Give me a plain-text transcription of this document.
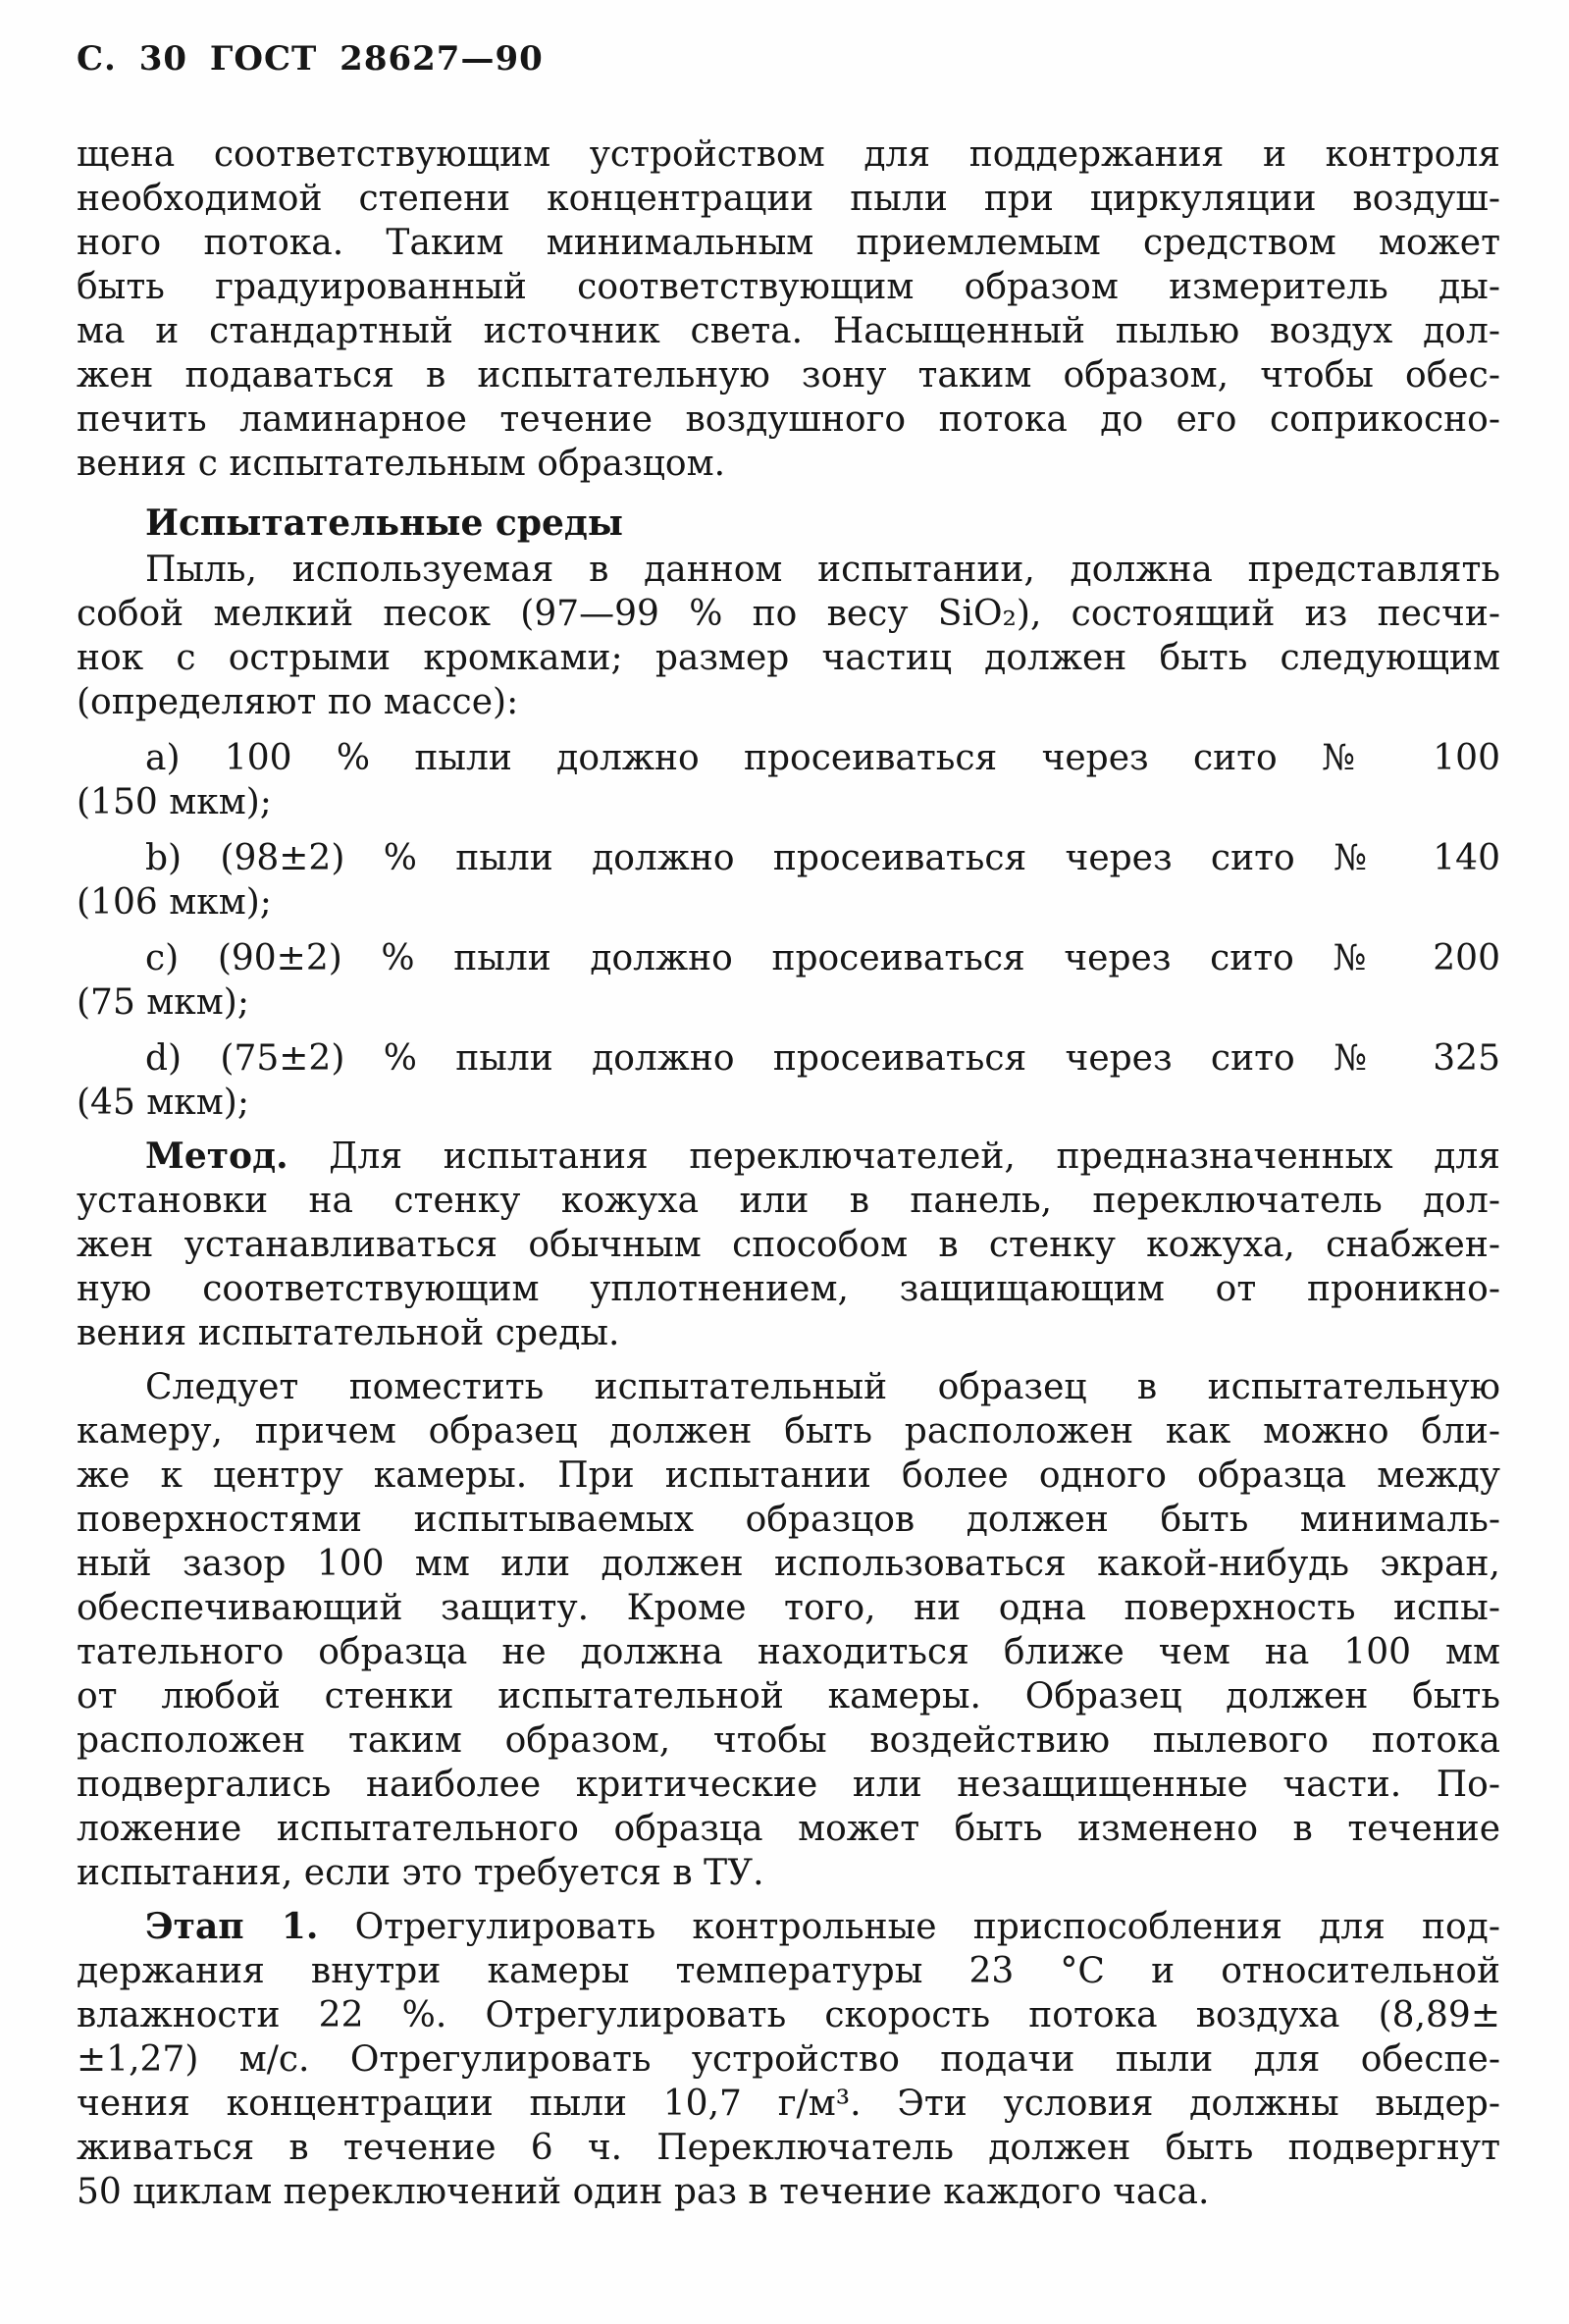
С. 30 ГОСТ 28627—90
щена соответствующим устройством для поддержания и контроля
необходимой степени концентрации пыли при циркуляции воздуш-
ного потока. Таким минимальным приемлемым средством может
быть градуированный соответствующим образом измеритель ды-
ма и стандартный источник света. Насыщенный пылью воздух дол-
жен подаваться в испытательную зону таким образом, чтобы обес-
печить ламинарное течение воздушного потока до его соприкосно-
вения с испытательным образцом.
Испытательные среды
Пыль, используемая в данном испытании, должна представлять
собой мелкий песок (97—99 % по весу SiO₂), состоящий из песчи-
нок с острыми кромками; размер частиц должен быть следующим
(определяют по массе):
a) 100 % пыли должно просеиваться через сито № 100
(150 мкм);
b) (98±2) % пыли должно просеиваться через сито № 140
(106 мкм);
c) (90±2) % пыли должно просеиваться через сито № 200
(75 мкм);
d) (75±2) % пыли должно просеиваться через сито № 325
(45 мкм);
Метод. Для испытания переключателей, предназначенных для
установки на стенку кожуха или в панель, переключатель дол-
жен устанавливаться обычным способом в стенку кожуха, снабжен-
ную соответствующим уплотнением, защищающим от проникно-
вения испытательной среды.
Следует поместить испытательный образец в испытательную
камеру, причем образец должен быть расположен как можно бли-
же к центру камеры. При испытании более одного образца между
поверхностями испытываемых образцов должен быть минималь-
ный зазор 100 мм или должен использоваться какой-нибудь экран,
обеспечивающий защиту. Кроме того, ни одна поверхность испы-
тательного образца не должна находиться ближе чем на 100 мм
от любой стенки испытательной камеры. Образец должен быть
расположен таким образом, чтобы воздействию пылевого потока
подвергались наиболее критические или незащищенные части. По-
ложение испытательного образца может быть изменено в течение
испытания, если это требуется в ТУ.
Этап 1. Отрегулировать контрольные приспособления для под-
держания внутри камеры температуры 23 °С и относительной
влажности 22 %. Отрегулировать скорость потока воздуха (8,89±
±1,27) м/с. Отрегулировать устройство подачи пыли для обеспе-
чения концентрации пыли 10,7 г/м³. Эти условия должны выдер-
живаться в течение 6 ч. Переключатель должен быть подвергнут
50 циклам переключений один раз в течение каждого часа.
